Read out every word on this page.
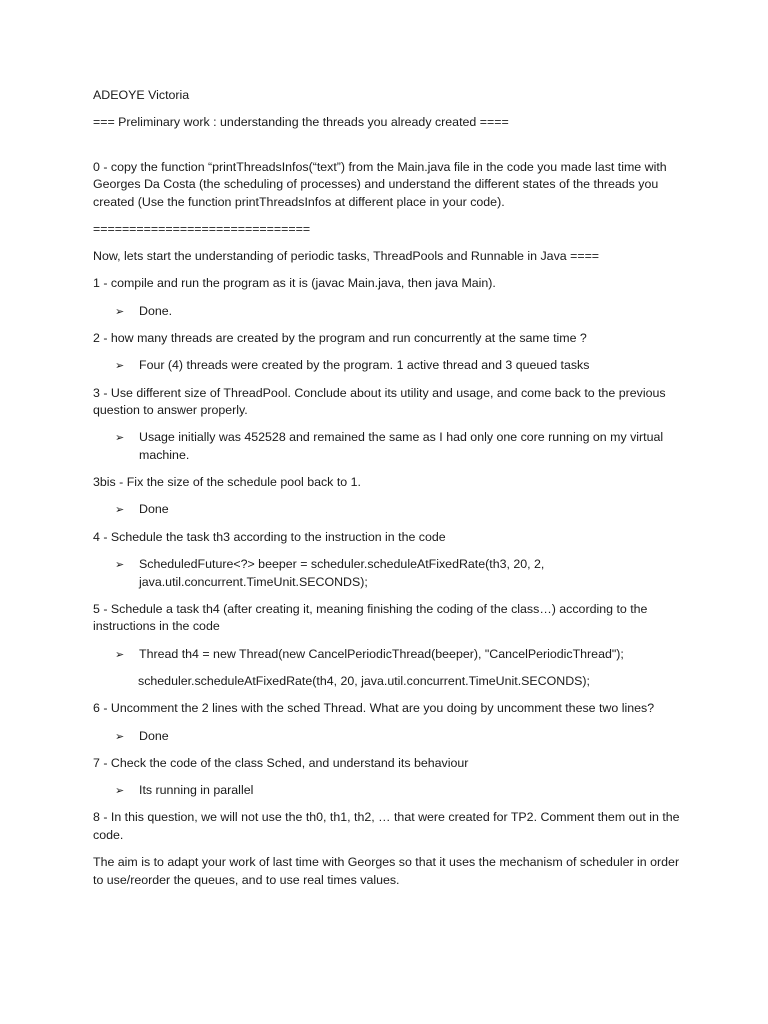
ADEOYE Victoria

=== Preliminary work : understanding the threads you already created ====

0 - copy the function “printThreadsInfos(“text”) from the Main.java file in the code you made last time with Georges Da Costa (the scheduling of processes) and understand the different states of the threads you created (Use the function printThreadsInfos at different place in your code).

==============================

Now, lets start the understanding of periodic tasks, ThreadPools and Runnable in Java ====

1 - compile and run the program as it is (javac Main.java, then java Main).

➢ Done.

2 - how many threads are created by the program and run concurrently at the same time ?

➢ Four (4) threads were created by the program. 1 active thread and 3 queued tasks

3 - Use different size of ThreadPool. Conclude about its utility and usage, and come back to the previous question to answer properly.

➢ Usage initially was 452528 and remained the same as I had only one core running on my virtual machine.

3bis - Fix the size of the schedule pool back to 1.

➢ Done

4 - Schedule the task th3 according to the instruction in the code

➢ ScheduledFuture<?> beeper = scheduler.scheduleAtFixedRate(th3, 20, 2, java.util.concurrent.TimeUnit.SECONDS);

5 - Schedule a task th4 (after creating it, meaning finishing the coding of the class…) according to the instructions in the code

➢ Thread th4 = new Thread(new CancelPeriodicThread(beeper), "CancelPeriodicThread");

scheduler.scheduleAtFixedRate(th4, 20, java.util.concurrent.TimeUnit.SECONDS);

6 - Uncomment the 2 lines with the sched Thread. What are you doing by uncomment these two lines?

➢ Done

7 - Check the code of the class Sched, and understand its behaviour

➢ Its running in parallel

8 - In this question, we will not use the th0, th1, th2, … that were created for TP2. Comment them out in the code.

The aim is to adapt your work of last time with Georges so that it uses the mechanism of scheduler in order to use/reorder the queues, and to use real times values.
